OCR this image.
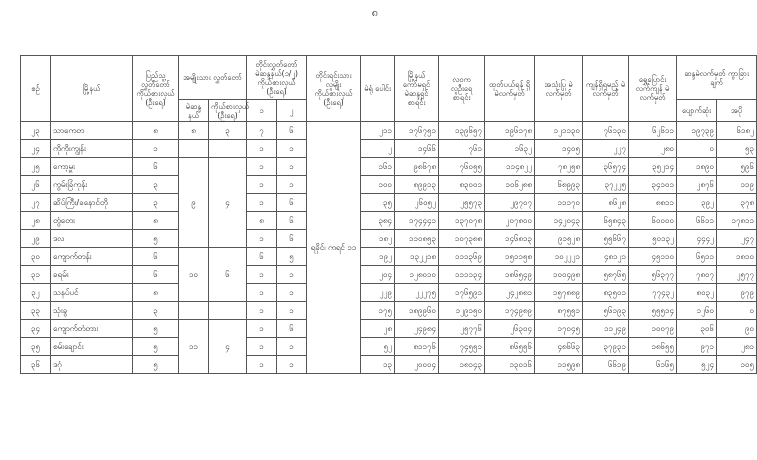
၈
စဉ်	မြို့နယ်	ပြည်သူ့ လွှတ်တော် ကိုယ်စားလှယ် (ဦးရေ)	အမျိုးသား လွှတ်တော်		တိုင်းလွှတ်တော် မဲဆန္ဒနယ်(၁/၂) ကိုယ်စားလှယ် (ဦးရေ)		တိုင်းရင်းသား လူမျိုး ကိုယ်စားလှယ် (ဦးရေ)	မဲရုံ ပေါင်း	မြို့နယ် ကော်မရှင် မဲဆန္ဒရှင် စာရင်း	လဝက လူဦးရေ စာရင်း	ထုတ်ပယ်ရန် ရှိ မဲလက်မှတ်	အသုံးပြု မဲလက်မှတ်	ကျန်ရှိရမည့် မဲလက်မှတ်	ရွှေ့ပြောင်း လက်ကျန် မဲလက်မှတ်	ဆန္ဒမဲလက်မှတ် ကွာခြားချက်	
			မဲဆန္ဒ နယ်	ကိုယ်စားလှယ် (ဦးရေ)	၁	၂									ပျောက်ဆုံး	အပို
၂၃	သာကေတ	၈	၈	၃	၇	၆	ရခိုင်၊ ကရင် ၁၁	၂၁၁	၁၇၆၇၅၁	၁၃၉၆၅၇	၁၉၆၁၇၈	၁၂၁၁၃၀	၇၆၁၃၀	၆၂၆၁၁	၁၉၇၃၉	၆၁၈၂
၂၄	ကိုကိုးကျွန်း	၁			၁	၁		၂	၁၄၆၆	၇၆၁	၁၆၃၂	၁၄၀၅	၂၂၇	၂၈၀	၀	၅၃
၂၅	ကော့မှူး	၆	၉	၄	၁	၁		၁၆၁	၉၈၆၇၈	၇၆၀၅၅	၁၁၄၈၂၂	၇၈၂၅၈	၃၆၅၇၄	၃၅၂၁၄	၁၈၉၀	၅၉၆
၂၆	ကွမ်းခြံကုန်း	၃			၁	၁		၁၀၀	၈၉၉၁၃	၈၃၀၀၁	၁၀၆၂၈၈	၆၈၉၉၃	၃၇၂၂၅	၃၄၁၀၁	၂၈၇၆	၁၁၉
၂၇	ဆိပ်ကြီး/ခနောင်တို	၃			၁	၆		၃၅	၂၆၀၅၂	၂၅၅၇၃	၂၉၇၀၇	၁၁၁၇၀	၈၆၂၈	၈၈၁၁	၃၉၂	၃၇၈
၂၈	တွံတေး	၈			၈	၆		၃၈၄	၁၇၄၄၄၁	၁၃၇၀၇၈	၂၀၇၈၀၀	၁၄၂၀၄၃	၆၅၈၄၃	၆၀၀၀၀	၆၆၁၁	၁၇၈၁၁
၂၉	ဒလ	၅			၁	၆		၁၈၂	၁၁၀၈၅၃	၁၀၇၃၈၈	၁၄၆၈၁၃	၉၁၅၂၈	၅၅၆၆၇	၅၀၁၃၂	၄၄၄၂	၂၄၇
၃၀	ကျောက်တန်း	၆	၁၀	၆	၆	၅		၁၉၂	၁၃၂၂၁၈	၁၁၁၃၆၉	၁၅၁၁၅၈	၁၀၂၂၂၁	၄၈၁၂၁	၄၅၁၁၀	၆၅၁၁	၁၈၁၀
၃၁	ခရမ်း	၆			၁	၁		၂၀၄	၁၂၈၀၁၀	၁၁၁၁၃၄	၁၈၆၅၄၉	၁၀၀၄၉၈	၅၈၇၆၅	၅၆၃၇၇	၇၈၀၇	၂၅၇၇
၃၂	သနပ်ပင်	၈			၁	၁		၂၂၉	၂၂၂၇၅	၁၇၆၅၉၁	၂၄၂၈၈၁	၁၅၇၈၈၉	၈၃၅၀၁	၇၇၄၃၂	၈၀၃၂	၉၇၉
၃၃	သုံးခွ	၃			၁	၁		၁၇၅	၁၈၉၉၆၀	၁၂၉၁၅၀	၁၇၄၉၈၉	၈၇၅၅၁	၅၆၁၉၃	၅၅၅၁၄	၁၂၆၀	၀
၃၄	ကျောက်တံတား	၅	၁၁	၄	၁	၆		၂၈	၂၄၉၈၄	၂၅၇၇၆	၂၆၃၀၄	၁၇၀၄၅	၁၁၂၄၉	၁၀၀၇၉	၃၀၆	၉၀
၃၅	စမ်းချောင်း	၅			၁	၁		၅၂	၈၁၁၇၆	၇၄၅၅၁	၈၆၅၅၆	၄၈၆၆၃	၃၇၉၃၁	၁၈၆၅၅	၉၇၁	၂၈၁
၃၆	ဒဂုံ	၅			၁	၁		၁၃	၂၀၀၀၄	၁၈၁၄၃	၁၃၀၁၆	၁၁၅၉၈	၆၆၁၉	၆၁၆၅	၅၂၄	၁၀၅
